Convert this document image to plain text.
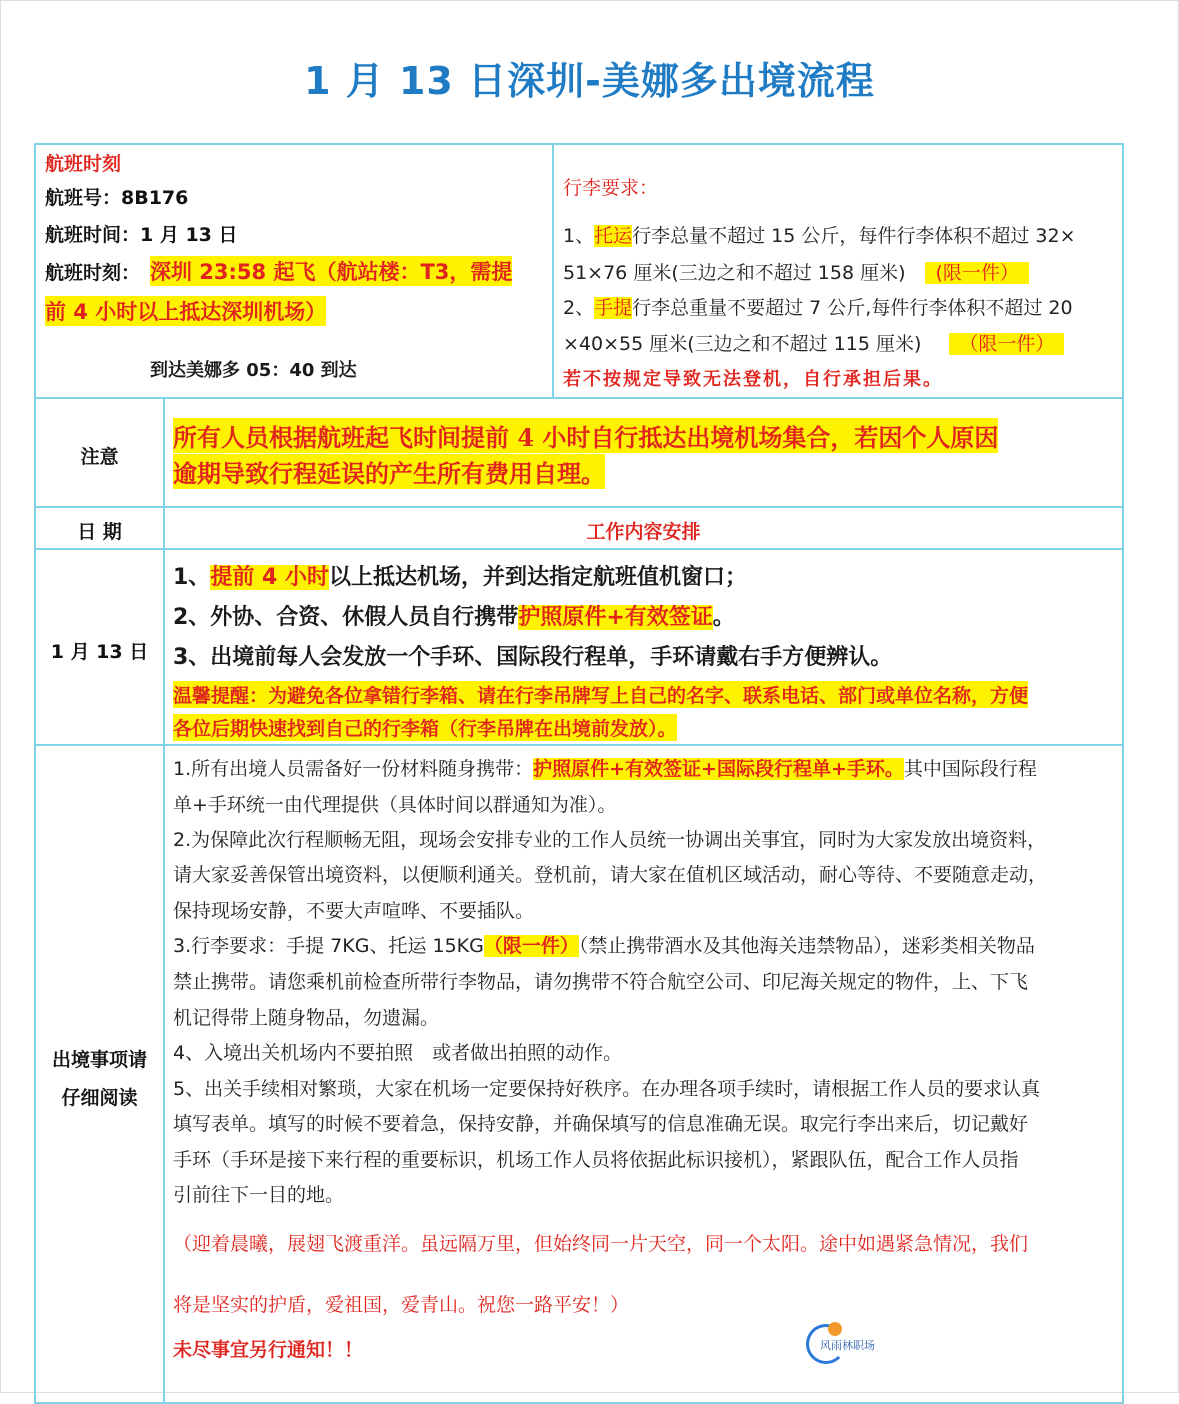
1 月 13 日深圳-美娜多出境流程
航班时刻
航班号：8B176
航班时间：1 月 13 日
航班时刻： 深圳 23:58 起飞（航站楼：T3，需提
前 4 小时以上抵达深圳机场）
到达美娜多 05：40 到达
行李要求：
1、托运行李总量不超过 15 公斤，每件行李体积不超过 32×
51×76 厘米(三边之和不超过 158 厘米) (限一件）
2、手提行李总重量不要超过 7 公斤,每件行李体积不超过 20
×40×55 厘米(三边之和不超过 115 厘米) （限一件）
若不按规定导致无法登机，自行承担后果。
注意
所有人员根据航班起飞时间提前 4 小时自行抵达出境机场集合，若因个人原因
逾期导致行程延误的产生所有费用自理。
日 期	工作内容安排
1 月 13 日
1、提前 4 小时以上抵达机场，并到达指定航班值机窗口；
2、外协、合资、休假人员自行携带护照原件+有效签证。
3、出境前每人会发放一个手环、国际段行程单，手环请戴右手方便辨认。
温馨提醒：为避免各位拿错行李箱、请在行李吊牌写上自己的名字、联系电话、部门或单位名称，方便
各位后期快速找到自己的行李箱（行李吊牌在出境前发放）。
出境事项请
仔细阅读
1.所有出境人员需备好一份材料随身携带：护照原件+有效签证+国际段行程单+手环。其中国际段行程
单+手环统一由代理提供（具体时间以群通知为准）。
2.为保障此次行程顺畅无阻，现场会安排专业的工作人员统一协调出关事宜，同时为大家发放出境资料，
请大家妥善保管出境资料，以便顺利通关。登机前，请大家在值机区域活动，耐心等待、不要随意走动，
保持现场安静，不要大声喧哗、不要插队。
3.行李要求：手提 7KG、托运 15KG（限一件）（禁止携带酒水及其他海关违禁物品），迷彩类相关物品
禁止携带。请您乘机前检查所带行李物品，请勿携带不符合航空公司、印尼海关规定的物件，上、下飞
机记得带上随身物品，勿遗漏。
4、入境出关机场内不要拍照　或者做出拍照的动作。
5、出关手续相对繁琐，大家在机场一定要保持好秩序。在办理各项手续时，请根据工作人员的要求认真
填写表单。填写的时候不要着急，保持安静，并确保填写的信息准确无误。取完行李出来后，切记戴好
手环（手环是接下来行程的重要标识，机场工作人员将依据此标识接机），紧跟队伍，配合工作人员指
引前往下一目的地。
（迎着晨曦，展翅飞渡重洋。虽远隔万里，但始终同一片天空，同一个太阳。途中如遇紧急情况，我们
将是坚实的护盾，爱祖国，爱青山。祝您一路平安！）
未尽事宜另行通知！！	风雨林职场
